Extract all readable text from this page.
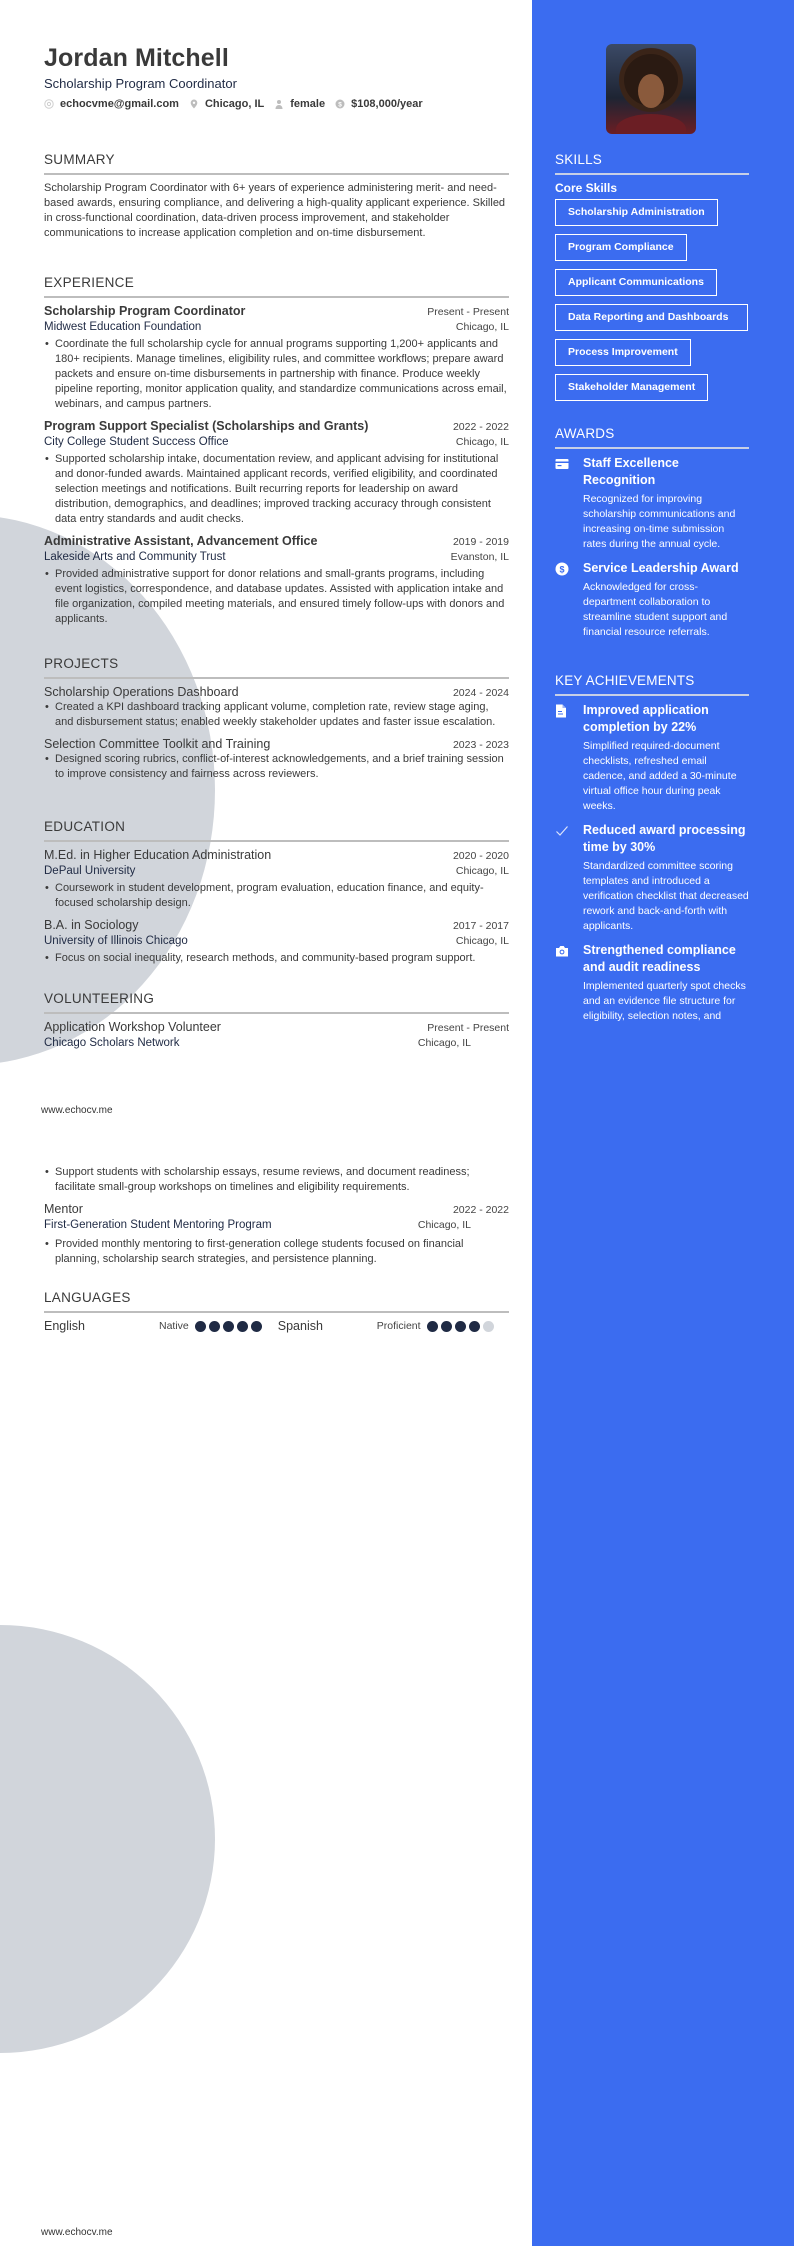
Jordan Mitchell
Scholarship Program Coordinator
echocvme@gmail.com Chicago, IL female $ $108,000/year
SUMMARY
Scholarship Program Coordinator with 6+ years of experience administering merit- and need-based awards, ensuring compliance, and delivering a high-quality applicant experience. Skilled in cross-functional coordination, data-driven process improvement, and stakeholder communications to increase application completion and on-time disbursement.
EXPERIENCE
Scholarship Program Coordinator	Present - Present
Midwest Education Foundation	Chicago, IL
• Coordinate the full scholarship cycle for annual programs supporting 1,200+ applicants and 180+ recipients. Manage timelines, eligibility rules, and committee workflows; prepare award packets and ensure on-time disbursements in partnership with finance. Produce weekly pipeline reporting, monitor application quality, and standardize communications across email, webinars, and campus partners.
Program Support Specialist (Scholarships and Grants)	2022 - 2022
City College Student Success Office	Chicago, IL
• Supported scholarship intake, documentation review, and applicant advising for institutional and donor-funded awards. Maintained applicant records, verified eligibility, and coordinated selection meetings and notifications. Built recurring reports for leadership on award distribution, demographics, and deadlines; improved tracking accuracy through consistent data entry standards and audit checks.
Administrative Assistant, Advancement Office	2019 - 2019
Lakeside Arts and Community Trust	Evanston, IL
• Provided administrative support for donor relations and small-grants programs, including event logistics, correspondence, and database updates. Assisted with application intake and file organization, compiled meeting materials, and ensured timely follow-ups with donors and applicants.
PROJECTS
Scholarship Operations Dashboard	2024 - 2024
• Created a KPI dashboard tracking applicant volume, completion rate, review stage aging, and disbursement status; enabled weekly stakeholder updates and faster issue escalation.
Selection Committee Toolkit and Training	2023 - 2023
• Designed scoring rubrics, conflict-of-interest acknowledgements, and a brief training session to improve consistency and fairness across reviewers.
EDUCATION
M.Ed. in Higher Education Administration	2020 - 2020
DePaul University	Chicago, IL
• Coursework in student development, program evaluation, education finance, and equity-focused scholarship design.
B.A. in Sociology	2017 - 2017
University of Illinois Chicago	Chicago, IL
• Focus on social inequality, research methods, and community-based program support.
VOLUNTEERING
Application Workshop Volunteer	Present - Present
Chicago Scholars Network	Chicago, IL
www.echocv.me
SKILLS
Core Skills
Scholarship Administration
Program Compliance
Applicant Communications
Data Reporting and Dashboards
Process Improvement
Stakeholder Management
AWARDS
Staff Excellence Recognition
Recognized for improving scholarship communications and increasing on-time submission rates during the annual cycle.
$ Service Leadership Award
Acknowledged for cross-department collaboration to streamline student support and financial resource referrals.
KEY ACHIEVEMENTS
Improved application completion by 22%
Simplified required-document checklists, refreshed email cadence, and added a 30-minute virtual office hour during peak weeks.
Reduced award processing time by 30%
Standardized committee scoring templates and introduced a verification checklist that decreased rework and back-and-forth with applicants.
Strengthened compliance and audit readiness
Implemented quarterly spot checks and an evidence file structure for eligibility, selection notes, and
• Support students with scholarship essays, resume reviews, and document readiness; facilitate small-group workshops on timelines and eligibility requirements.
Mentor	2022 - 2022
First-Generation Student Mentoring Program	Chicago, IL
• Provided monthly mentoring to first-generation college students focused on financial planning, scholarship search strategies, and persistence planning.
LANGUAGES
English	Native	Spanish	Proficient
www.echocv.me
